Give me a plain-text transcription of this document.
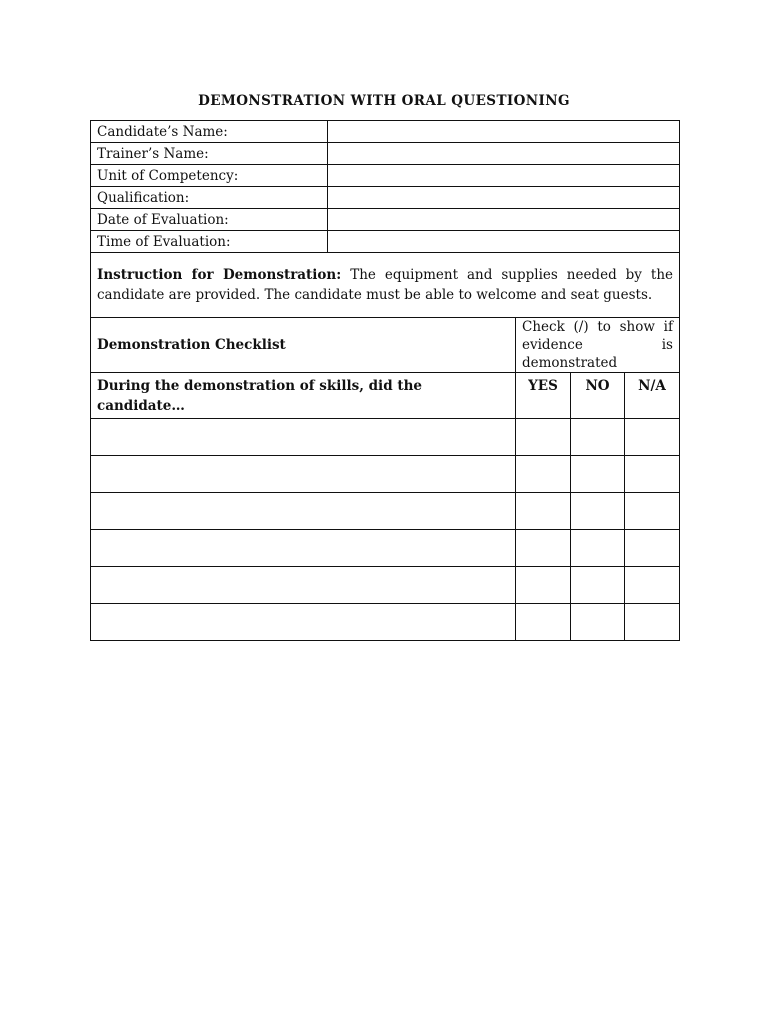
DEMONSTRATION WITH ORAL QUESTIONING
Candidate’s Name:				
Trainer’s Name:				
Unit of Competency:				
Qualification:				
Date of Evaluation:				
Time of Evaluation:				
Instruction for Demonstration: The equipment and supplies needed by the candidate are provided. The candidate must be able to welcome and seat guests.				
Demonstration Checklist		Check (/) to show if
evidence is
demonstrated		

During the demonstration of skills, did the candidate…		YES	NO	N/A
